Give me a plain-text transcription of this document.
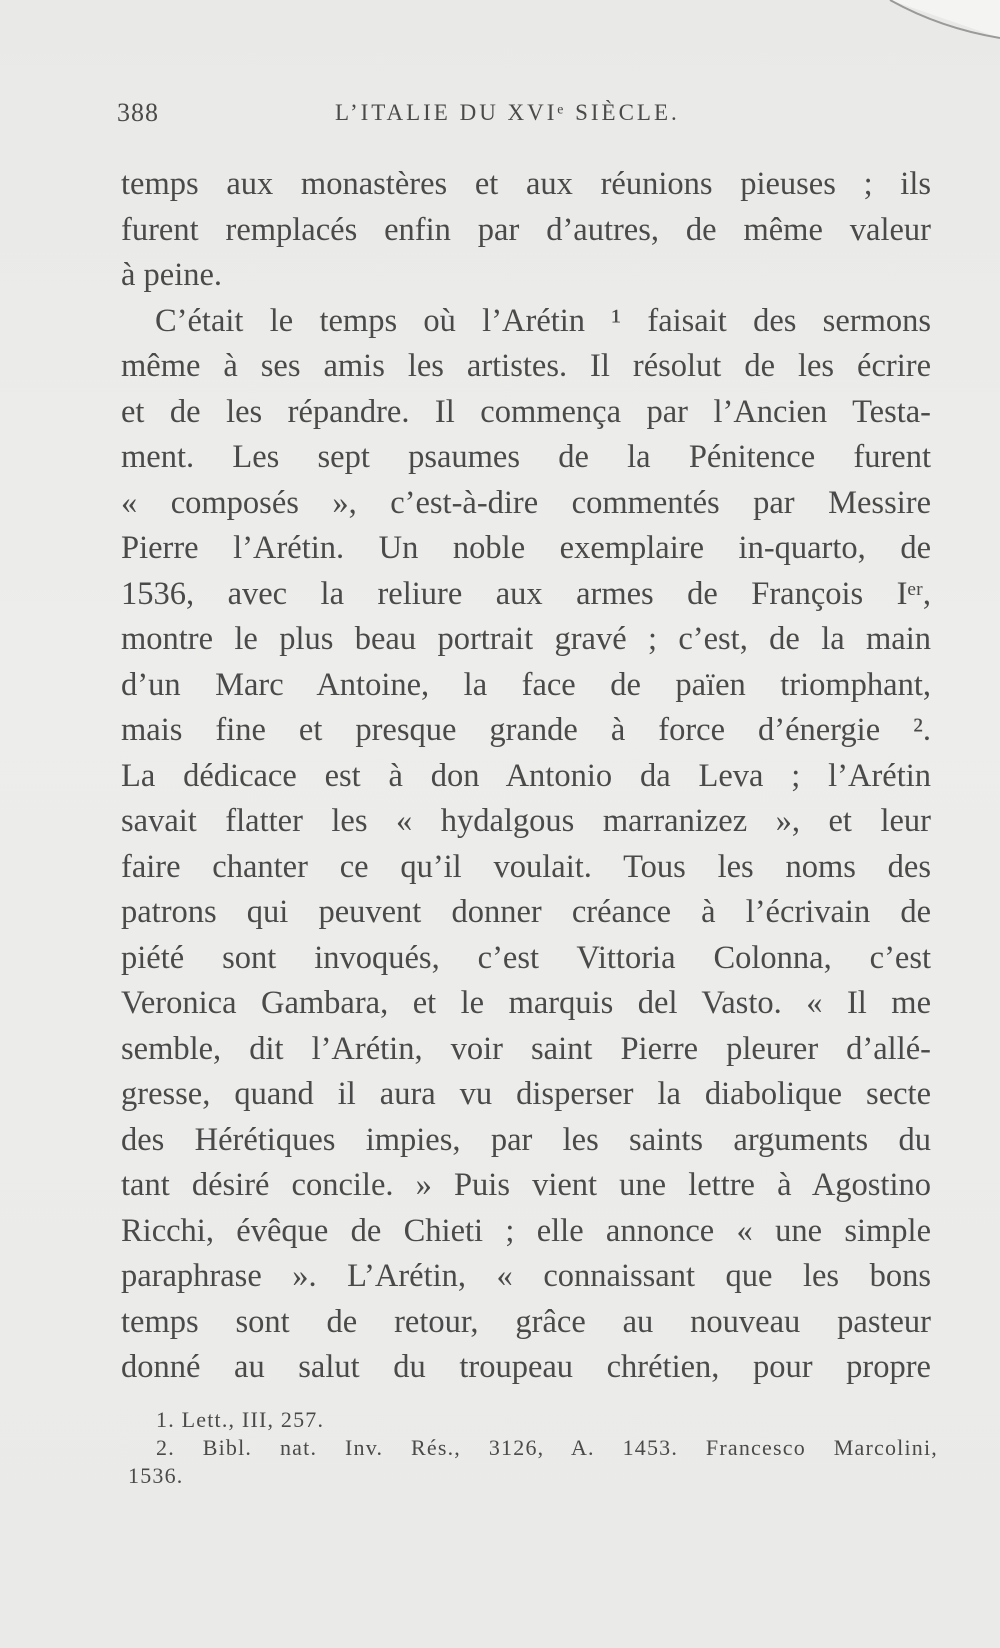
388	L’ITALIE DU XVIᵉ SIÈCLE.
temps aux monastères et aux réunions pieuses ; ils
furent remplacés enfin par d’autres, de même valeur
à peine.
C’était le temps où l’Arétin ¹ faisait des sermons
même à ses amis les artistes. Il résolut de les écrire
et de les répandre. Il commença par l’Ancien Testa-
ment. Les sept psaumes de la Pénitence furent
« composés », c’est-à-dire commentés par Messire
Pierre l’Arétin. Un noble exemplaire in-quarto, de
1536, avec la reliure aux armes de François Iᵉʳ,
montre le plus beau portrait gravé ; c’est, de la main
d’un Marc Antoine, la face de païen triomphant,
mais fine et presque grande à force d’énergie ².
La dédicace est à don Antonio da Leva ; l’Arétin
savait flatter les « hydalgous marranizez », et leur
faire chanter ce qu’il voulait. Tous les noms des
patrons qui peuvent donner créance à l’écrivain de
piété sont invoqués, c’est Vittoria Colonna, c’est
Veronica Gambara, et le marquis del Vasto. « Il me
semble, dit l’Arétin, voir saint Pierre pleurer d’allé-
gresse, quand il aura vu disperser la diabolique secte
des Hérétiques impies, par les saints arguments du
tant désiré concile. » Puis vient une lettre à Agostino
Ricchi, évêque de Chieti ; elle annonce « une simple
paraphrase ». L’Arétin, « connaissant que les bons
temps sont de retour, grâce au nouveau pasteur
donné au salut du troupeau chrétien, pour propre
1. Lett., III, 257.
2. Bibl. nat. Inv. Rés., 3126, A. 1453. Francesco Marcolini,
1536.
